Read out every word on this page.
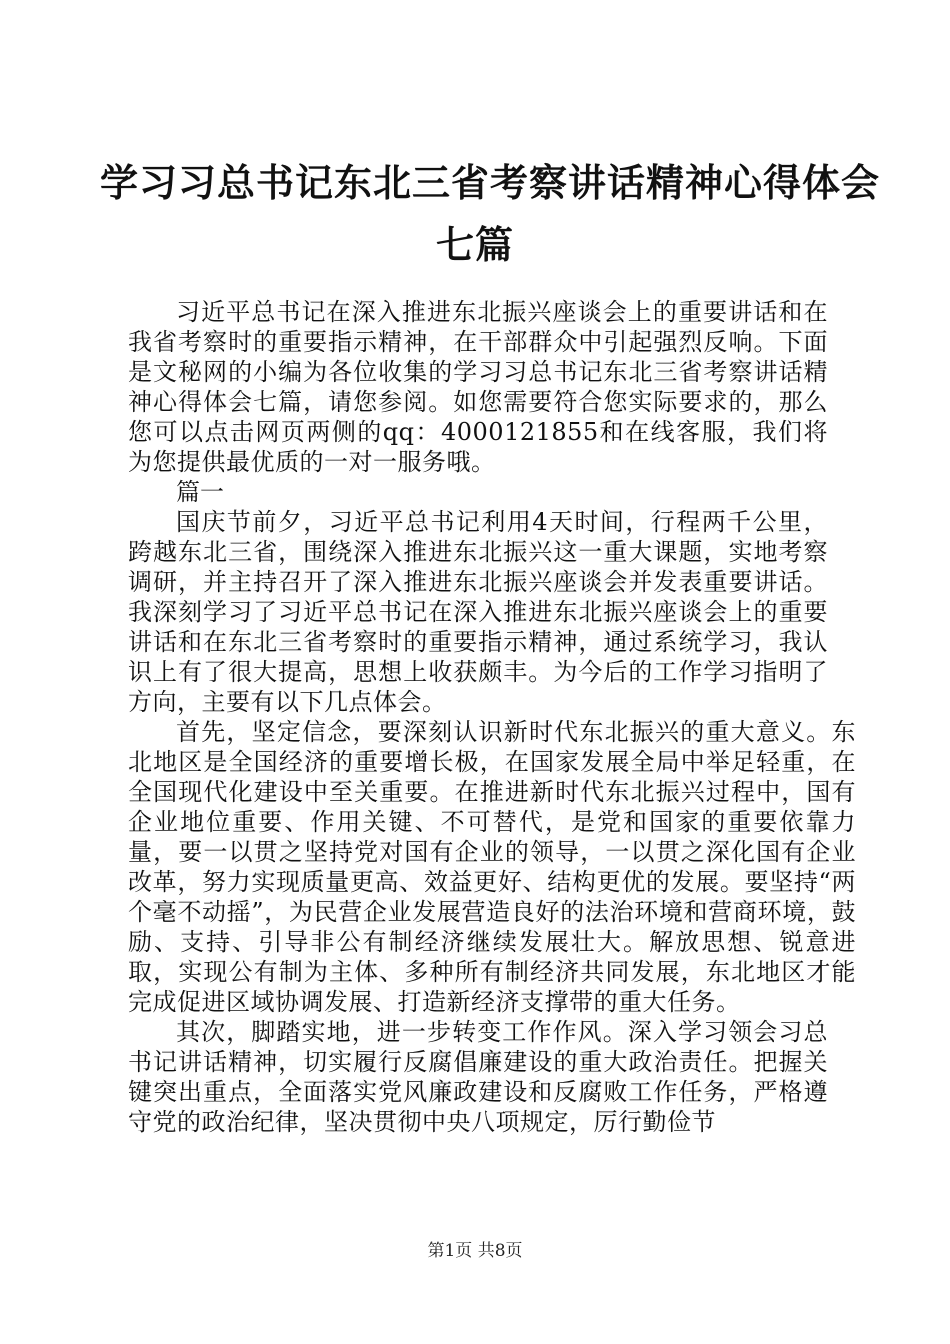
学习习总书记东北三省考察讲话精神心得体会
七篇

习近平总书记在深入推进东北振兴座谈会上的重要讲话和在我省考察时的重要指示精神，在干部群众中引起强烈反响。下面是文秘网的小编为各位收集的学习习总书记东北三省考察讲话精神心得体会七篇，请您参阅。如您需要符合您实际要求的，那么您可以点击网页两侧的qq：4000121855和在线客服，我们将为您提供最优质的一对一服务哦。

篇一

国庆节前夕，习近平总书记利用4天时间，行程两千公里，跨越东北三省，围绕深入推进东北振兴这一重大课题，实地考察调研，并主持召开了深入推进东北振兴座谈会并发表重要讲话。我深刻学习了习近平总书记在深入推进东北振兴座谈会上的重要讲话和在东北三省考察时的重要指示精神，通过系统学习，我认识上有了很大提高，思想上收获颇丰。为今后的工作学习指明了方向，主要有以下几点体会。

首先，坚定信念，要深刻认识新时代东北振兴的重大意义。东北地区是全国经济的重要增长极，在国家发展全局中举足轻重，在全国现代化建设中至关重要。在推进新时代东北振兴过程中，国有企业地位重要、作用关键、不可替代，是党和国家的重要依靠力量，要一以贯之坚持党对国有企业的领导，一以贯之深化国有企业改革，努力实现质量更高、效益更好、结构更优的发展。要坚持“两个毫不动摇”，为民营企业发展营造良好的法治环境和营商环境，鼓励、支持、引导非公有制经济继续发展壮大。解放思想、锐意进取，实现公有制为主体、多种所有制经济共同发展，东北地区才能完成促进区域协调发展、打造新经济支撑带的重大任务。

其次，脚踏实地，进一步转变工作作风。深入学习领会习总书记讲话精神，切实履行反腐倡廉建设的重大政治责任。把握关键突出重点，全面落实党风廉政建设和反腐败工作任务，严格遵守党的政治纪律，坚决贯彻中央八项规定，厉行勤俭节

第1页 共8页
